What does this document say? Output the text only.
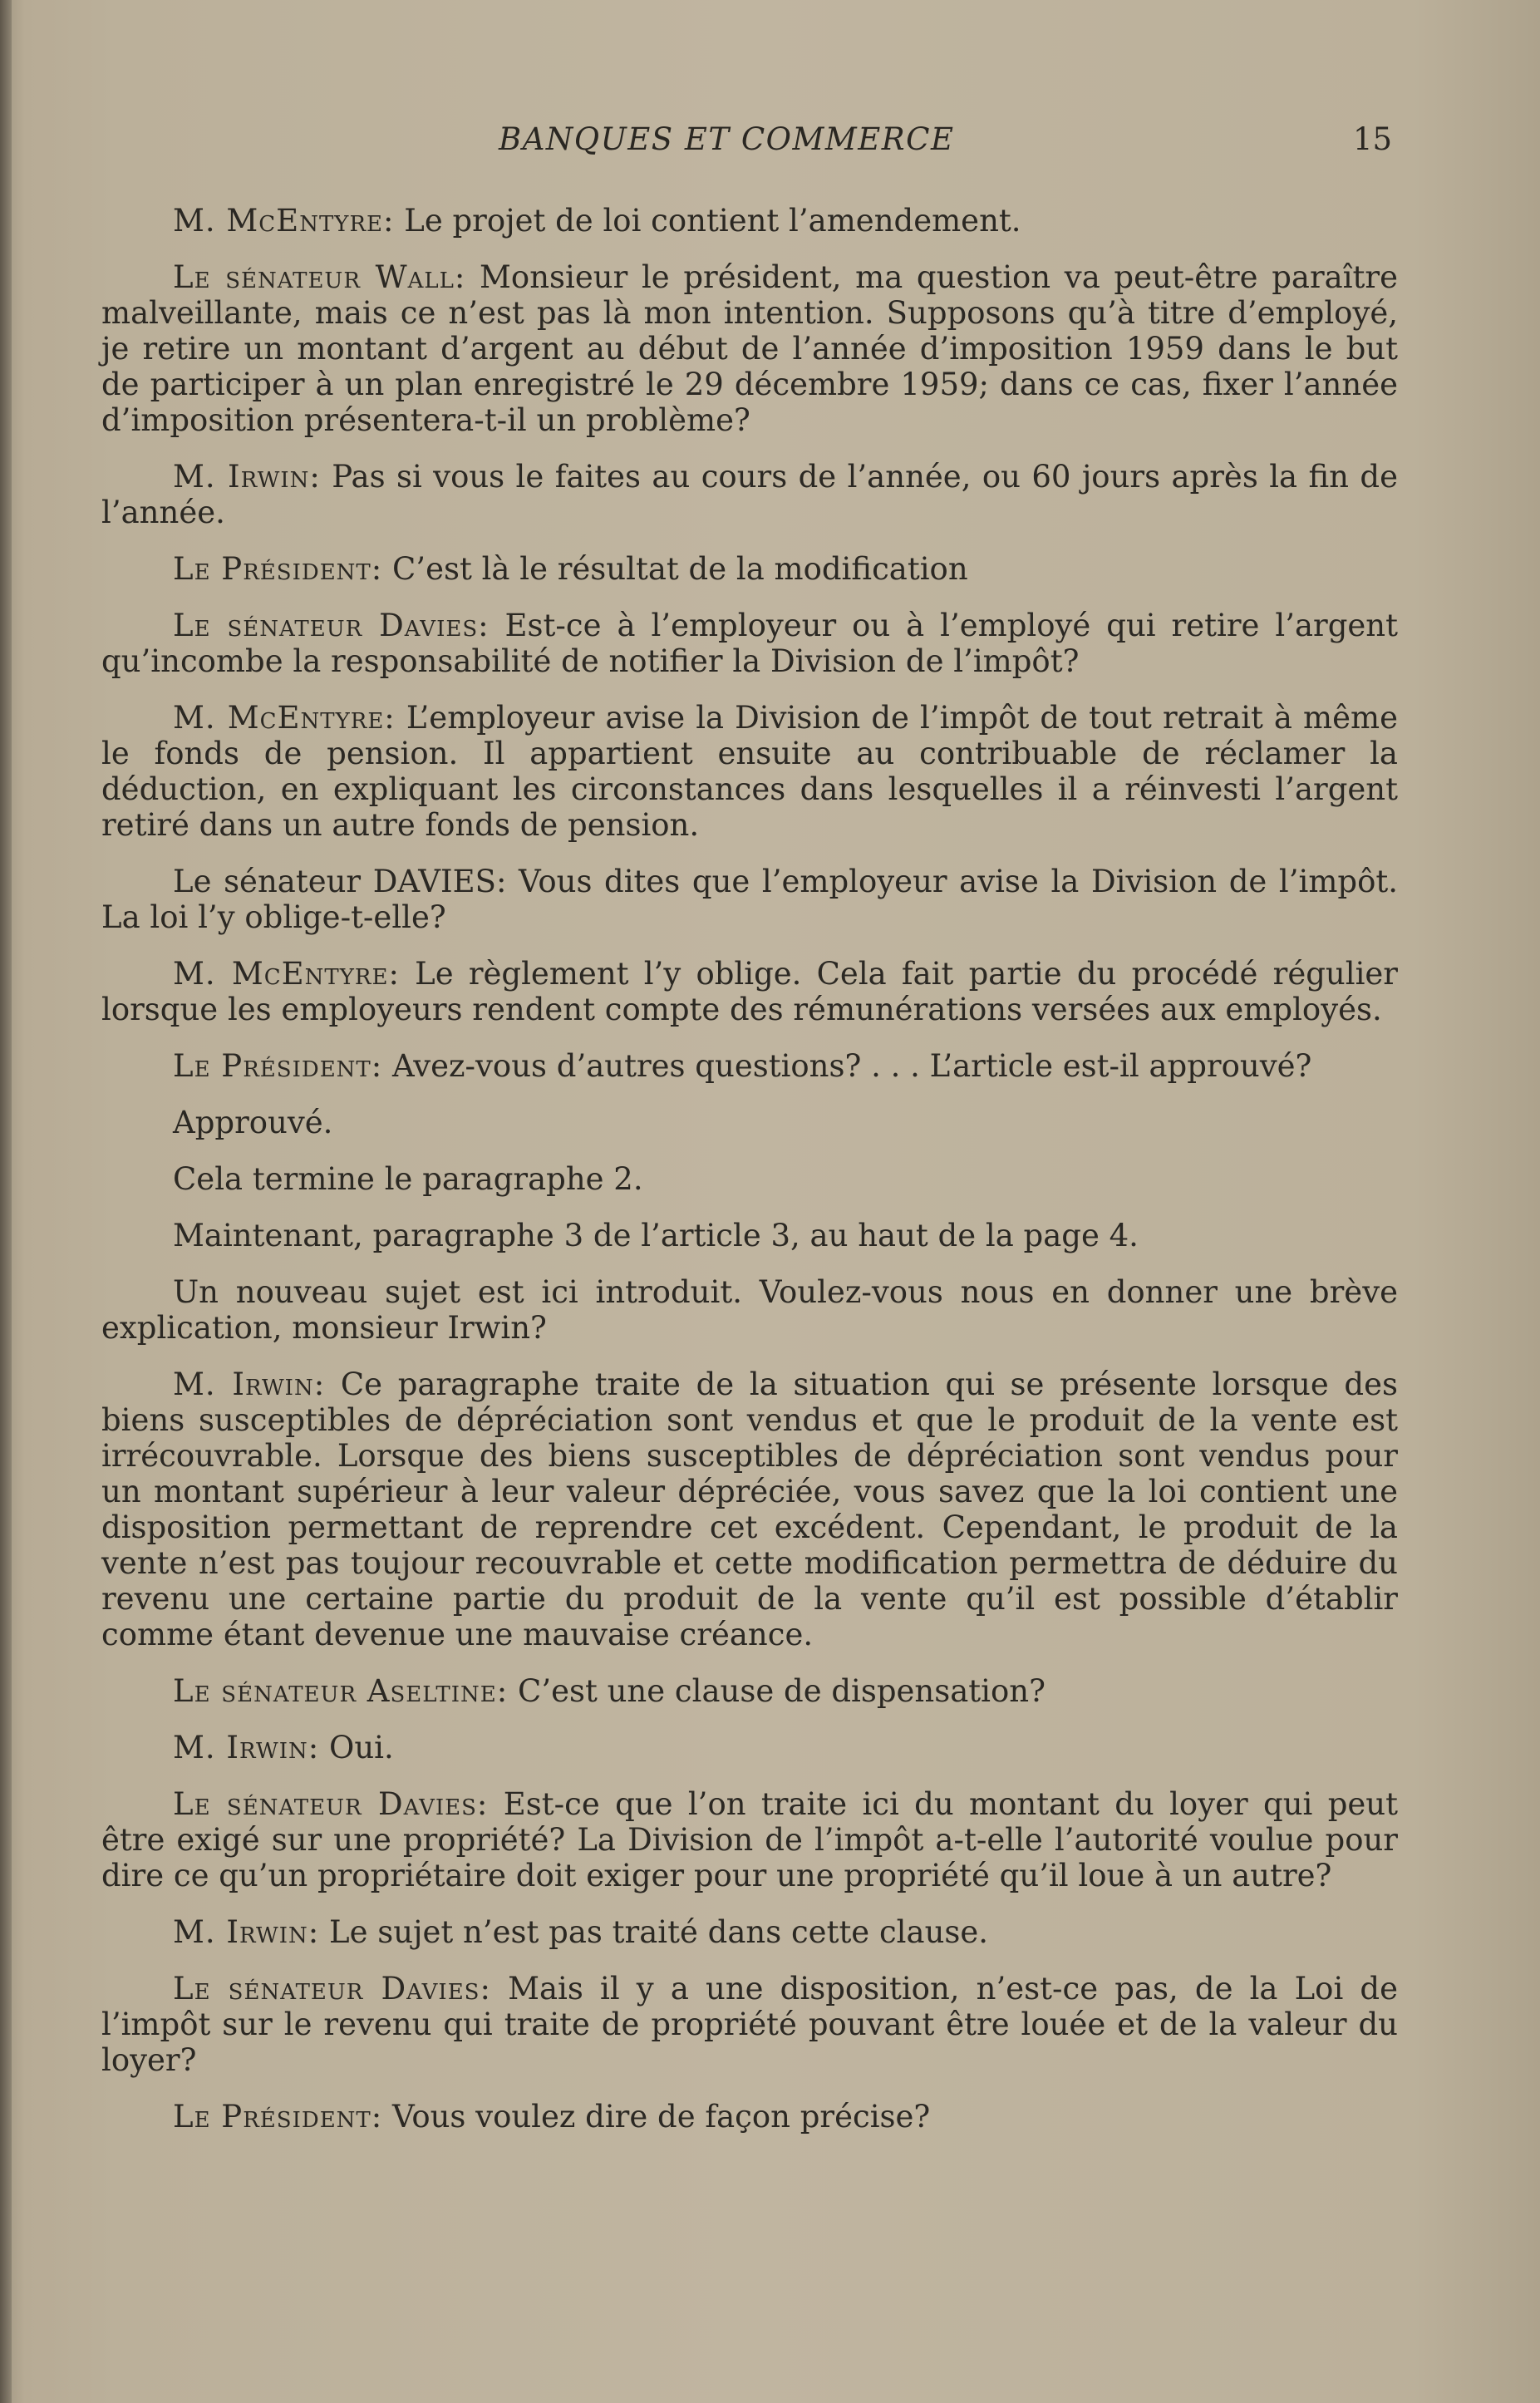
BANQUES ET COMMERCE	15

M. McEntyre: Le projet de loi contient l’amendement.

Le sénateur Wall: Monsieur le président, ma question va peut-être paraître malveillante, mais ce n’est pas là mon intention. Supposons qu’à titre d’employé, je retire un montant d’argent au début de l’année d’imposition 1959 dans le but de participer à un plan enregistré le 29 décembre 1959; dans ce cas, fixer l’année d’imposition présentera-t-il un problème?

M. Irwin: Pas si vous le faites au cours de l’année, ou 60 jours après la fin de l’année.

Le Président: C’est là le résultat de la modification

Le sénateur Davies: Est-ce à l’employeur ou à l’employé qui retire l’argent qu’incombe la responsabilité de notifier la Division de l’impôt?

M. McEntyre: L’employeur avise la Division de l’impôt de tout retrait à même le fonds de pension. Il appartient ensuite au contribuable de réclamer la déduction, en expliquant les circonstances dans lesquelles il a réinvesti l’argent retiré dans un autre fonds de pension.

Le sénateur DAVIES: Vous dites que l’employeur avise la Division de l’impôt. La loi l’y oblige-t-elle?

M. McEntyre: Le règlement l’y oblige. Cela fait partie du procédé régulier lorsque les employeurs rendent compte des rémunérations versées aux employés.

Le Président: Avez-vous d’autres questions? . . . L’article est-il approuvé?

Approuvé.

Cela termine le paragraphe 2.

Maintenant, paragraphe 3 de l’article 3, au haut de la page 4.

Un nouveau sujet est ici introduit. Voulez-vous nous en donner une brève explication, monsieur Irwin?

M. Irwin: Ce paragraphe traite de la situation qui se présente lorsque des biens susceptibles de dépréciation sont vendus et que le produit de la vente est irrécouvrable. Lorsque des biens susceptibles de dépréciation sont vendus pour un montant supérieur à leur valeur dépréciée, vous savez que la loi contient une disposition permettant de reprendre cet excédent. Cependant, le produit de la vente n’est pas toujour recouvrable et cette modification permettra de déduire du revenu une certaine partie du produit de la vente qu’il est possible d’établir comme étant devenue une mauvaise créance.

Le sénateur Aseltine: C’est une clause de dispensation?

M. Irwin: Oui.

Le sénateur Davies: Est-ce que l’on traite ici du montant du loyer qui peut être exigé sur une propriété? La Division de l’impôt a-t-elle l’autorité voulue pour dire ce qu’un propriétaire doit exiger pour une propriété qu’il loue à un autre?

M. Irwin: Le sujet n’est pas traité dans cette clause.

Le sénateur Davies: Mais il y a une disposition, n’est-ce pas, de la Loi de l’impôt sur le revenu qui traite de propriété pouvant être louée et de la valeur du loyer?

Le Président: Vous voulez dire de façon précise?
